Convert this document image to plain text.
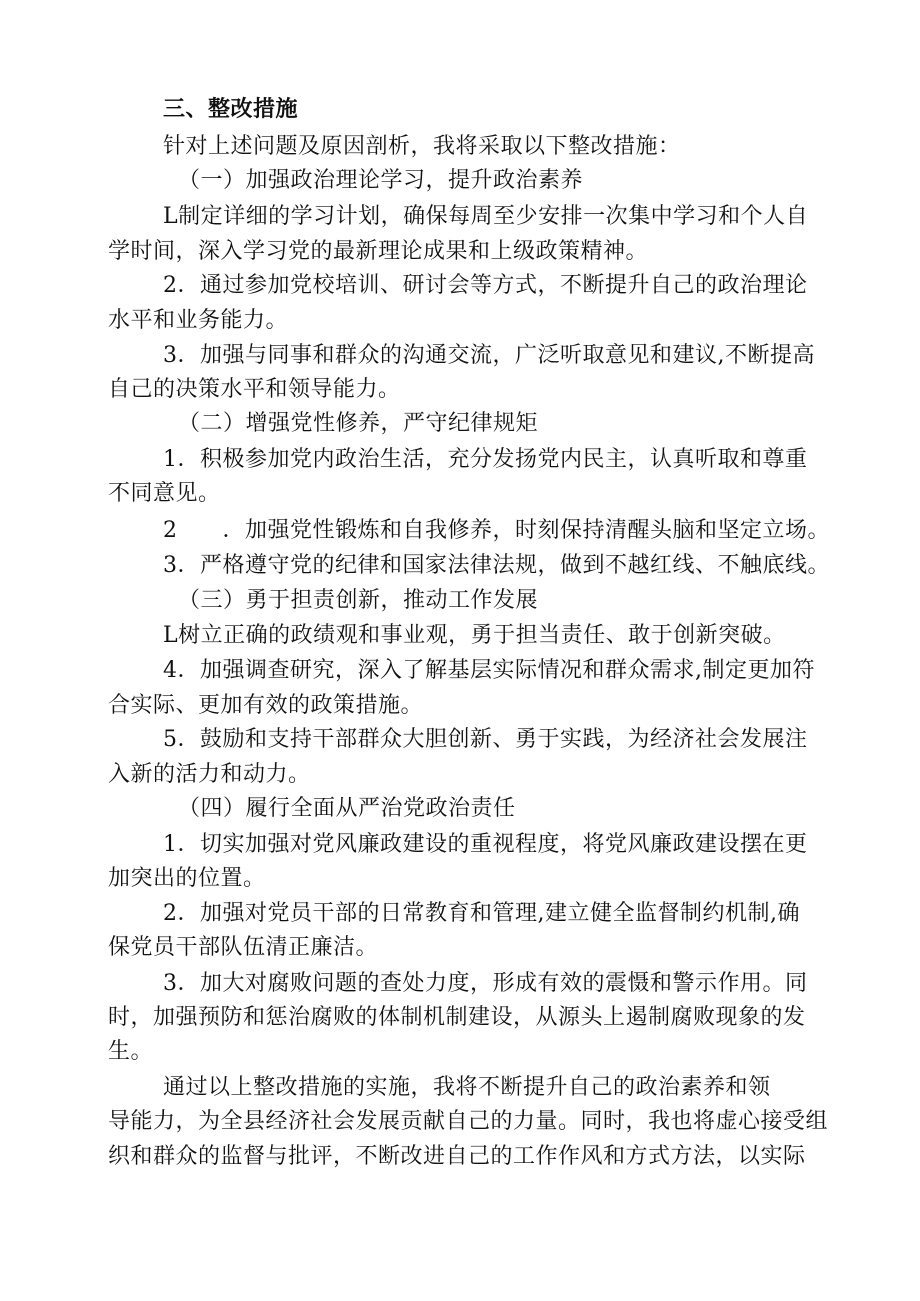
三、整改措施

针对上述问题及原因剖析，我将采取以下整改措施：

（一）加强政治理论学习，提升政治素养

L制定详细的学习计划，确保每周至少安排一次集中学习和个人自

学时间，深入学习党的最新理论成果和上级政策精神。

2．通过参加党校培训、研讨会等方式，不断提升自己的政治理论

水平和业务能力。

3．加强与同事和群众的沟通交流，广泛听取意见和建议,不断提高

自己的决策水平和领导能力。

（二）增强党性修养，严守纪律规矩

1．积极参加党内政治生活，充分发扬党内民主，认真听取和尊重

不同意见。

2　　．加强党性锻炼和自我修养，时刻保持清醒头脑和坚定立场。

3．严格遵守党的纪律和国家法律法规，做到不越红线、不触底线。

（三）勇于担责创新，推动工作发展

L树立正确的政绩观和事业观，勇于担当责任、敢于创新突破。

4．加强调查研究，深入了解基层实际情况和群众需求,制定更加符

合实际、更加有效的政策措施。

5．鼓励和支持干部群众大胆创新、勇于实践，为经济社会发展注

入新的活力和动力。

（四）履行全面从严治党政治责任

1．切实加强对党风廉政建设的重视程度，将党风廉政建设摆在更

加突出的位置。

2．加强对党员干部的日常教育和管理,建立健全监督制约机制,确

保党员干部队伍清正廉洁。

3．加大对腐败问题的查处力度，形成有效的震慑和警示作用。同

时，加强预防和惩治腐败的体制机制建设，从源头上遏制腐败现象的发

生。

通过以上整改措施的实施，我将不断提升自己的政治素养和领

导能力，为全县经济社会发展贡献自己的力量。同时，我也将虚心接受组

织和群众的监督与批评，不断改进自己的工作作风和方式方法，以实际
